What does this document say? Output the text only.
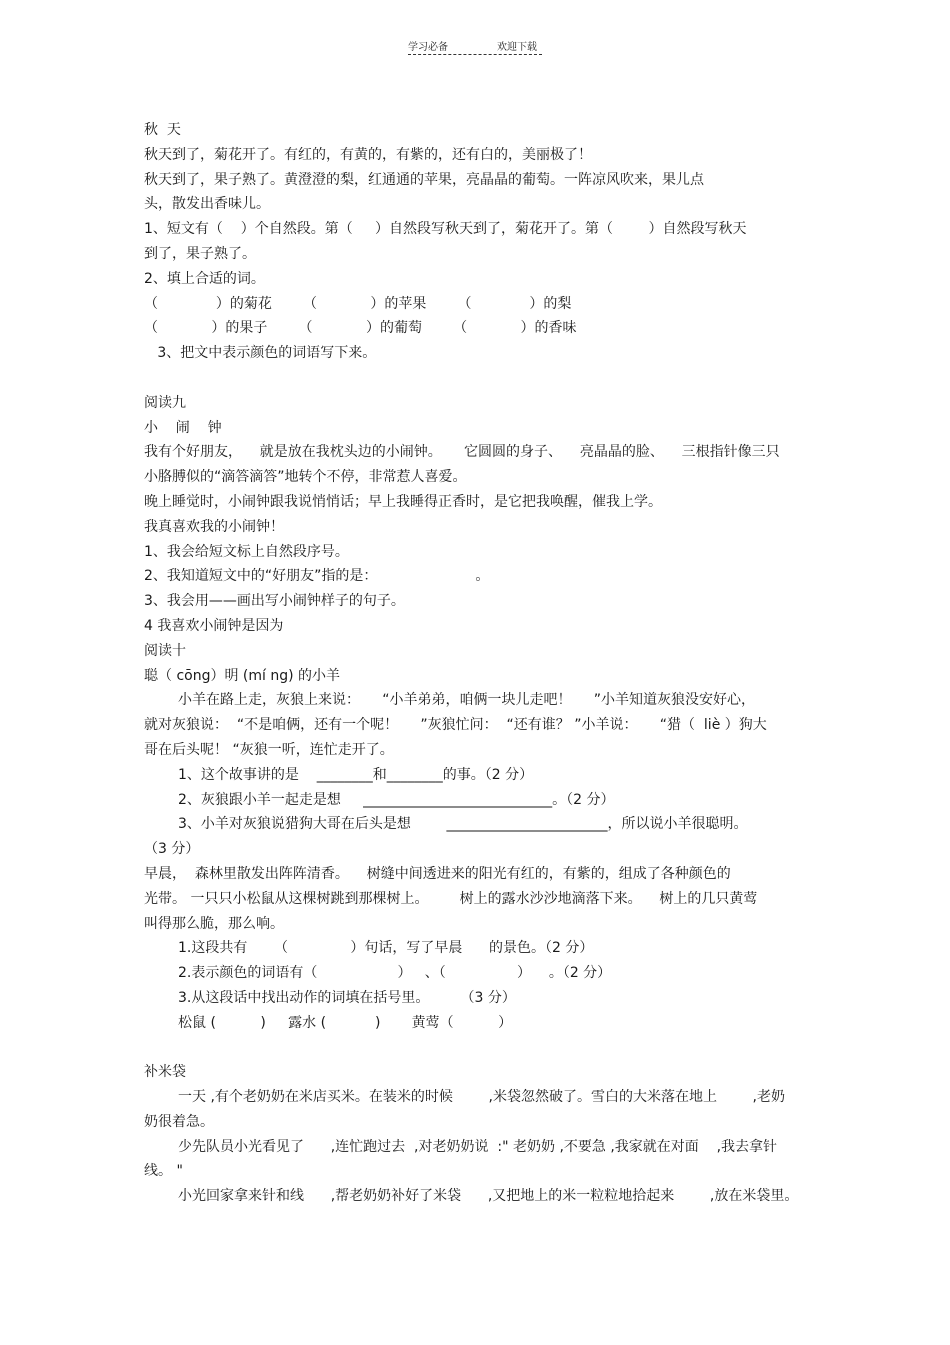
学习必备	欢迎下载
秋  天
秋天到了，菊花开了。有红的，有黄的，有紫的，还有白的，美丽极了！
秋天到了，果子熟了。黄澄澄的梨，红通通的苹果，亮晶晶的葡萄。一阵凉风吹来，果儿点
头，散发出香味儿。
1、短文有（    ）个自然段。第（     ）自然段写秋天到了，菊花开了。第（        ）自然段写秋天
到了，果子熟了。
2、填上合适的词。
（             ）的菊花       （            ）的苹果       （             ）的梨
（            ）的果子       （            ）的葡萄       （            ）的香味
3、把文中表示颜色的词语写下来。
阅读九
小    闹    钟
我有个好朋友，    就是放在我枕头边的小闹钟。     它圆圆的身子、    亮晶晶的脸、    三根指针像三只
小胳膊似的“滴答滴答”地转个不停，非常惹人喜爱。
晚上睡觉时，小闹钟跟我说悄悄话；早上我睡得正香时，是它把我唤醒，催我上学。
我真喜欢我的小闹钟！
1、我会给短文标上自然段序号。
2、我知道短文中的“好朋友”指的是：                      。
3、我会用——画出写小闹钟样子的句子。
4 我喜欢小闹钟是因为
阅读十
聪（ cōng）明 (mí ng) 的小羊
小羊在路上走，灰狼上来说：     “小羊弟弟，咱俩一块儿走吧！     ”小羊知道灰狼没安好心，
就对灰狼说：  “不是咱俩，还有一个呢！     ”灰狼忙问：  “还有谁？ ”小羊说：     “猎（  liè ）狗大
哥在后头呢！ “灰狼一听，连忙走开了。
1、这个故事讲的是    ________和________的事。（2 分）
2、灰狼跟小羊一起走是想     ___________________________。（2 分）
3、小羊对灰狼说猎狗大哥在后头是想        _______________________，所以说小羊很聪明。
（3 分）
早晨，  森林里散发出阵阵清香。    树缝中间透进来的阳光有红的，有紫的，组成了各种颜色的
光带。 一只只小松鼠从这棵树跳到那棵树上。       树上的露水沙沙地滴落下来。    树上的几只黄莺
叫得那么脆，那么响。
1.这段共有      （              ）句话，写了早晨      的景色。（2 分）
2.表示颜色的词语有（                  ）   、（                ）    。（2 分）
3.从这段话中找出动作的词填在括号里。       （3 分）
松鼠 (          )     露水 (           )       黄莺（          ）
补米袋
一天 ,有个老奶奶在米店买米。在装米的时候        ,米袋忽然破了。雪白的大米落在地上        ,老奶
奶很着急。
少先队员小光看见了      ,连忙跑过去  ,对老奶奶说  :" 老奶奶 ,不要急 ,我家就在对面    ,我去拿针
线。 "
小光回家拿来针和线      ,帮老奶奶补好了米袋      ,又把地上的米一粒粒地拾起来        ,放在米袋里。
